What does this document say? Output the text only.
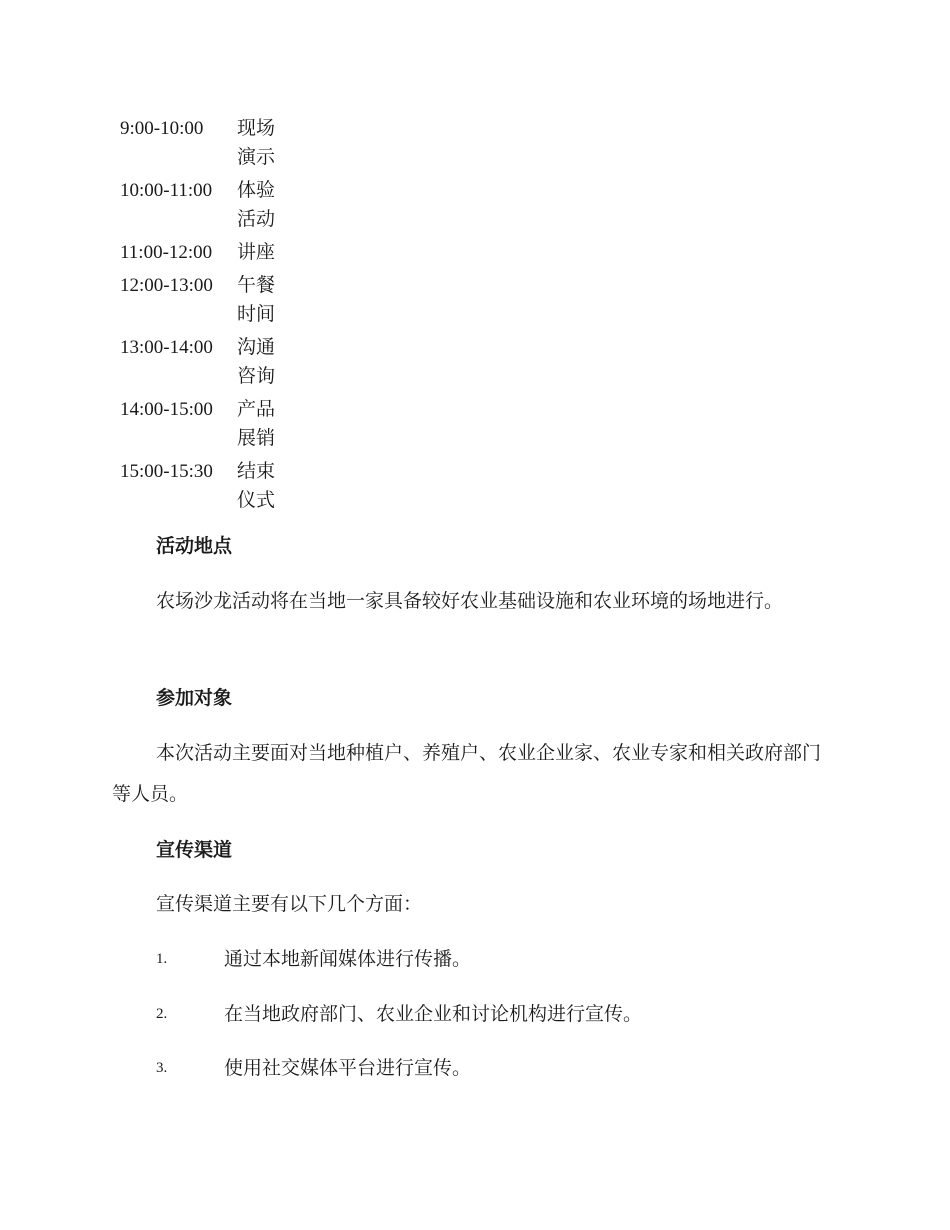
9:00-10:00	现场演示
10:00-11:00	体验活动
11:00-12:00	讲座
12:00-13:00	午餐时间
13:00-14:00	沟通咨询
14:00-15:00	产品展销
15:00-15:30	结束仪式
活动地点

农场沙龙活动将在当地一家具备较好农业基础设施和农业环境的场地进行。

参加对象

本次活动主要面对当地种植户、养殖户、农业企业家、农业专家和相关政府部门等人员。

宣传渠道

宣传渠道主要有以下几个方面：

1.	通过本地新闻媒体进行传播。
2.	在当地政府部门、农业企业和讨论机构进行宣传。
3.	使用社交媒体平台进行宣传。
